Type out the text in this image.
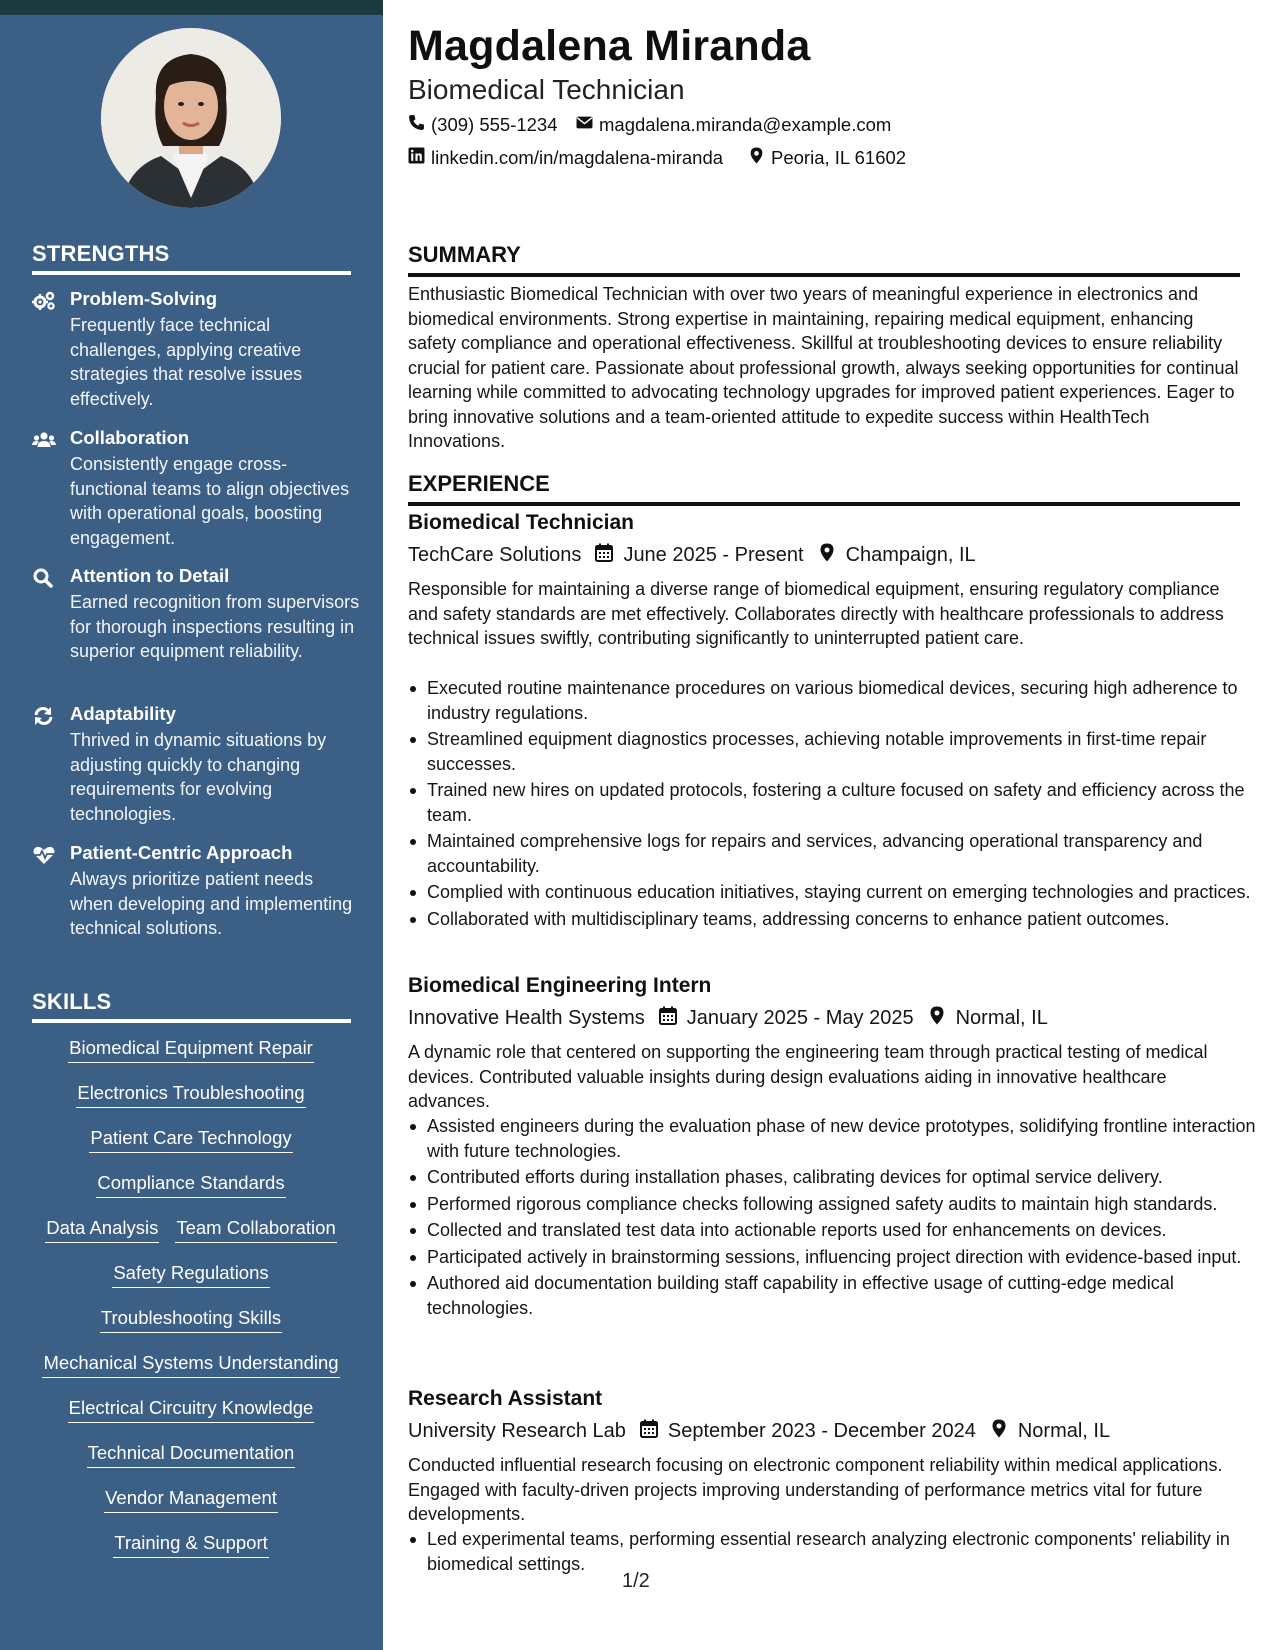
STRENGTHS
Problem-Solving
Frequently face technical challenges, applying creative strategies that resolve issues effectively.
Collaboration
Consistently engage cross-functional teams to align objectives with operational goals, boosting engagement.
Attention to Detail
Earned recognition from supervisors for thorough inspections resulting in superior equipment reliability.
Adaptability
Thrived in dynamic situations by adjusting quickly to changing requirements for evolving technologies.
Patient-Centric Approach
Always prioritize patient needs when developing and implementing technical solutions.
SKILLS
Biomedical Equipment Repair
Electronics Troubleshooting
Patient Care Technology
Compliance Standards
Data Analysis Team Collaboration
Safety Regulations
Troubleshooting Skills
Mechanical Systems Understanding
Electrical Circuitry Knowledge
Technical Documentation
Vendor Management
Training & Support
Magdalena Miranda
Biomedical Technician
(309) 555-1234 magdalena.miranda@example.com
linkedin.com/in/magdalena-miranda	Peoria, IL 61602
SUMMARY
Enthusiastic Biomedical Technician with over two years of meaningful experience in electronics and biomedical environments. Strong expertise in maintaining, repairing medical equipment, enhancing safety compliance and operational effectiveness. Skillful at troubleshooting devices to ensure reliability crucial for patient care. Passionate about professional growth, always seeking opportunities for continual learning while committed to advocating technology upgrades for improved patient experiences. Eager to bring innovative solutions and a team-oriented attitude to expedite success within HealthTech Innovations.
EXPERIENCE
Biomedical Technician
TechCare Solutions June 2025 - Present Champaign, IL
Responsible for maintaining a diverse range of biomedical equipment, ensuring regulatory compliance and safety standards are met effectively. Collaborates directly with healthcare professionals to address technical issues swiftly, contributing significantly to uninterrupted patient care.
Executed routine maintenance procedures on various biomedical devices, securing high adherence to industry regulations.
Streamlined equipment diagnostics processes, achieving notable improvements in first-time repair successes.
Trained new hires on updated protocols, fostering a culture focused on safety and efficiency across the team.
Maintained comprehensive logs for repairs and services, advancing operational transparency and accountability.
Complied with continuous education initiatives, staying current on emerging technologies and practices.
Collaborated with multidisciplinary teams, addressing concerns to enhance patient outcomes.
Biomedical Engineering Intern
Innovative Health Systems January 2025 - May 2025 Normal, IL
A dynamic role that centered on supporting the engineering team through practical testing of medical devices. Contributed valuable insights during design evaluations aiding in innovative healthcare advances.
Assisted engineers during the evaluation phase of new device prototypes, solidifying frontline interaction with future technologies.
Contributed efforts during installation phases, calibrating devices for optimal service delivery.
Performed rigorous compliance checks following assigned safety audits to maintain high standards.
Collected and translated test data into actionable reports used for enhancements on devices.
Participated actively in brainstorming sessions, influencing project direction with evidence-based input.
Authored aid documentation building staff capability in effective usage of cutting-edge medical technologies.
Research Assistant
University Research Lab September 2023 - December 2024 Normal, IL
Conducted influential research focusing on electronic component reliability within medical applications. Engaged with faculty-driven projects improving understanding of performance metrics vital for future developments.
Led experimental teams, performing essential research analyzing electronic components' reliability in biomedical settings.
1/2
